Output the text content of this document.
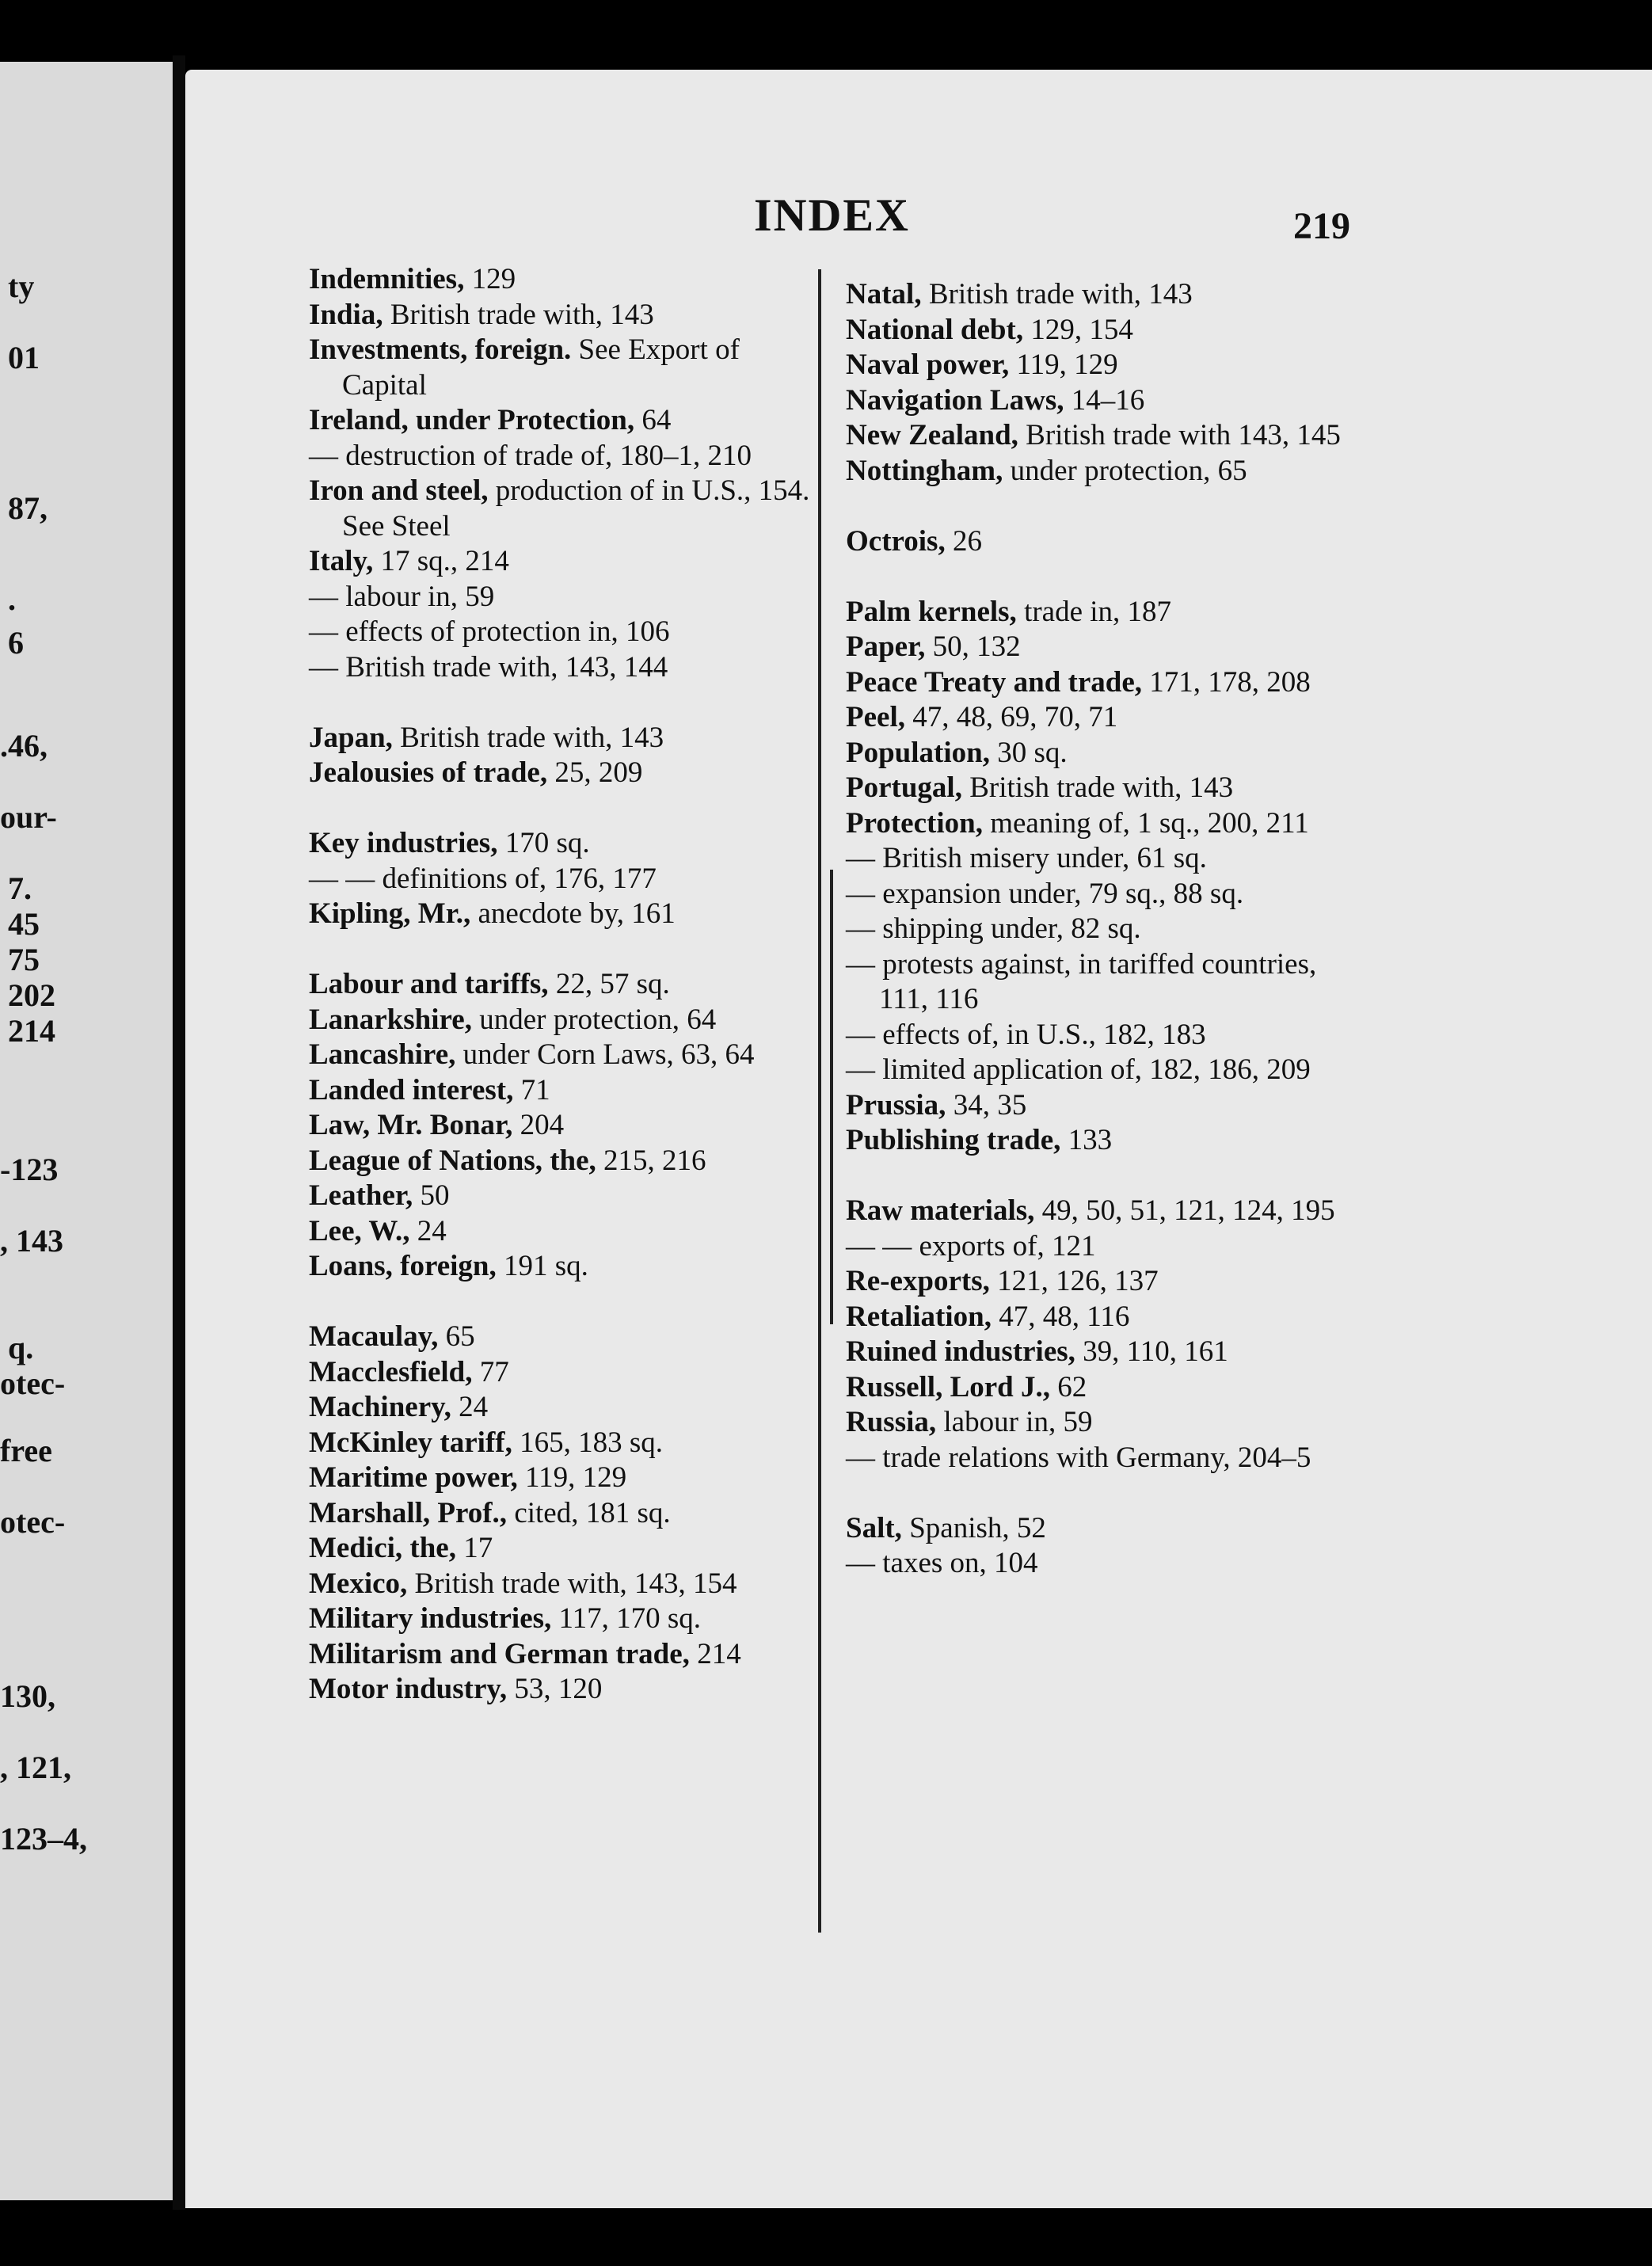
ty
01
87,
.
6
.46,
our-
7.
45
75
202
214
-123
, 143
q.
otec-
free
otec-
130,
, 121,
123–4,
INDEX	219

Indemnities, 129

India, British trade with, 143

Investments, foreign. See Export of Capital

Ireland, under Protection, 64

— destruction of trade of, 180–1, 210

Iron and steel, production of in U.S., 154. See Steel

Italy, 17 sq., 214

— labour in, 59

— effects of protection in, 106

— British trade with, 143, 144

Japan, British trade with, 143

Jealousies of trade, 25, 209

Key industries, 170 sq.

— — definitions of, 176, 177

Kipling, Mr., anecdote by, 161

Labour and tariffs, 22, 57 sq.

Lanarkshire, under protection, 64

Lancashire, under Corn Laws, 63, 64

Landed interest, 71

Law, Mr. Bonar, 204

League of Nations, the, 215, 216

Leather, 50

Lee, W., 24

Loans, foreign, 191 sq.

Macaulay, 65

Macclesfield, 77

Machinery, 24

McKinley tariff, 165, 183 sq.

Maritime power, 119, 129

Marshall, Prof., cited, 181 sq.

Medici, the, 17

Mexico, British trade with, 143, 154

Military industries, 117, 170 sq.

Militarism and German trade, 214

Motor industry, 53, 120

Natal, British trade with, 143

National debt, 129, 154

Naval power, 119, 129

Navigation Laws, 14–16

New Zealand, British trade with 143, 145

Nottingham, under protection, 65

Octrois, 26

Palm kernels, trade in, 187

Paper, 50, 132

Peace Treaty and trade, 171, 178, 208

Peel, 47, 48, 69, 70, 71

Population, 30 sq.

Portugal, British trade with, 143

Protection, meaning of, 1 sq., 200, 211

— British misery under, 61 sq.

— expansion under, 79 sq., 88 sq.

— shipping under, 82 sq.

— protests against, in tariffed countries, 111, 116

— effects of, in U.S., 182, 183

— limited application of, 182, 186, 209

Prussia, 34, 35

Publishing trade, 133

Raw materials, 49, 50, 51, 121, 124, 195

— — exports of, 121

Re-exports, 121, 126, 137

Retaliation, 47, 48, 116

Ruined industries, 39, 110, 161

Russell, Lord J., 62

Russia, labour in, 59

— trade relations with Germany, 204–5

Salt, Spanish, 52

— taxes on, 104
